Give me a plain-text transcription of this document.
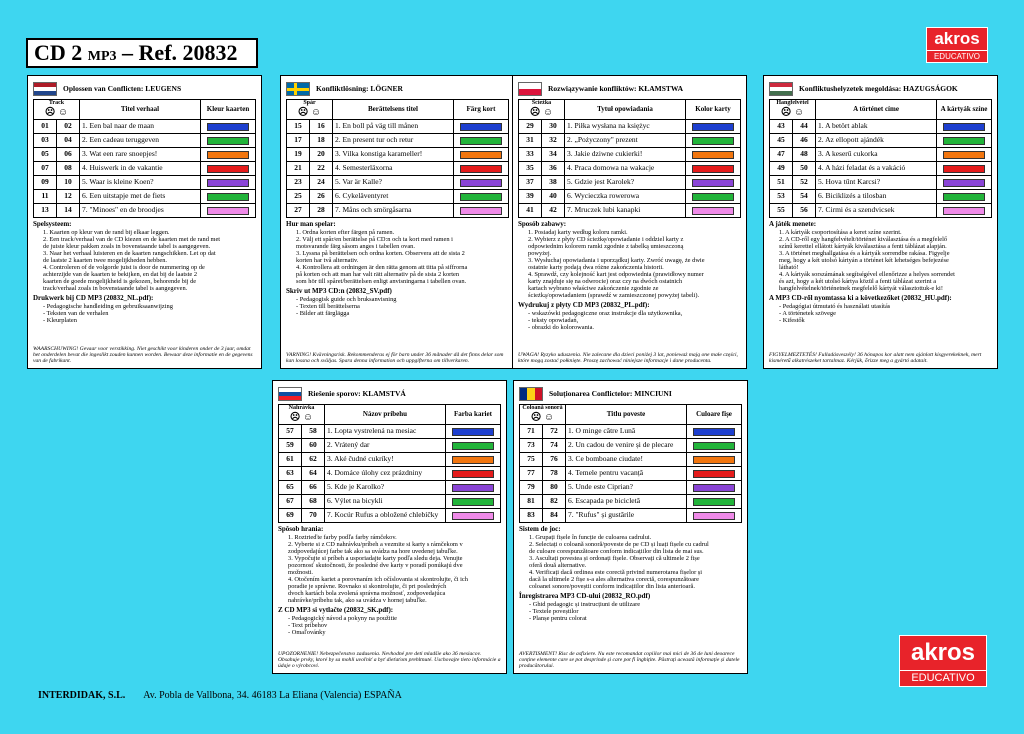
CD 2 MP3 – Ref. 20832
akros
EDUCATIVO
akros
EDUCATIVO
INTERDIDAK, S.L. Av. Pobla de Vallbona, 34. 46183 La Eliana (Valencia) ESPAÑA
Oplossen van Conflicten: LEUGENS
Track
☹ ☺		Titel verhaal	Kleur kaarten
01	02	1. Een bal naar de maan	

03	04	2. Een cadeau teruggeven	

05	06	3. Wat een rare snoepjes!	

07	08	4. Huiswerk in de vakantie	

09	10	5. Waar is kleine Koen?	

11	12	6. Een uitstapje met de fiets	

13	14	7. "Minoes" en de broodjes	
Spelsysteem:
1. Kaarten op kleur van de rand bij elkaar leggen.
2. Een track/verhaal van de CD kiezen en de kaarten met de rand met
de juiste kleur pakken zoals in bovenstaande tabel is aangegeven.
3. Naar het verhaal luisteren en de kaarten rangschikken. Let op dat
de laatste 2 kaarten twee mogelijkheden hebben.
4. Controleren of de volgorde juist is door de nummering op de
achterzijde van de kaarten te bekijken, en dat bij de laatste 2
kaarten de goede mogelijkheid is gekozen, behorende bij de
track/verhaal zoals in bovenstaande tabel is aangegeven.
Drukwerk bij CD MP3 (20832_NL.pdf):
- Pedagogische handleiding en gebruiksaanwijzing
- Teksten van de verhalen
- Kleurplaten
WAARSCHUWING! Gevaar voor verstikking. Niet geschikt voor kinderen onder de 3 jaar, omdat het onderdelen bevat die ingeslikt zouden kunnen worden. Bewaar deze informatie en de gegevens van de fabrikant.
Konfliktlösning: LÖGNER
Spår
☹ ☺		Berättelsens titel	Färg kort
15	16	1. En boll på väg till månen	

17	18	2. En present tur och retur	

19	20	3. Vilka konstiga karameller!	

21	22	4. Semesterläxorna	

23	24	5. Var är Kalle?	

25	26	6. Cykeläventyret	

27	28	7. Måns och smörgåsarna	
Hur man spelar:
1. Ordna korten efter färgen på ramen.
2. Välj ett spår/en berättelse på CD:n och ta kort med ramen i
motsvarande färg såsom anges i tabellen ovan.
3. Lyssna på berättelsen och ordna korten. Observera att de sista 2
korten har två alternativ.
4. Kontrollera att ordningen är den rätta genom att titta på siffrorna
på korten och att man har valt rätt alternativ på de sista 2 korten
som hör till spåret/berättelsen enligt anvisningarna i tabellen ovan.
Skriv ut MP3 CD:n (20832_SV.pdf)
- Pedagogisk guide och bruksanvisning
- Texten till berättelserna
- Bilder att färglägga
VARNING! Kvävningsrisk. Rekommenderas ej för barn under 36 månader då det finns delar som kan lossna och sväljas. Spara denna information och uppgifterna om tillverkaren.
Rozwiązywanie konfliktów: KŁAMSTWA
Ścieżka
☹ ☺		Tytuł opowiadania	Kolor karty
29	30	1. Piłka wysłana na księżyc	

31	32	2. „Pożyczony" prezent	

33	34	3. Jakie dziwne cukierki!	

35	36	4. Praca domowa na wakacje	

37	38	5. Gdzie jest Karolek?	

39	40	6. Wycieczka rowerowa	

41	42	7. Mruczek lubi kanapki	
Sposób zabawy:
1. Posiadaj karty według koloru ramki.
2. Wybierz z płyty CD ścieżkę/opowiadanie i oddziel karty z
odpowiednim kolorem ramki zgodnie z tabelką umieszczoną
powyżej.
3. Wysłuchaj opowiadania i uporządkuj karty. Zwróć uwagę, że dwie
ostatnie karty podają dwa różne zakończenia historii.
4. Sprawdź, czy kolejność kart jest odpowiednia (prawidłowy numer
karty znajduje się na odwrocie) oraz czy na dwóch ostatnich
kartach wybrano właściwe zakończenie zgodnie ze
ścieżką/opowiadaniem (sprawdź w zamieszczonej powyżej tabeli).
Wydrukuj z płyty CD MP3 (20832_PL.pdf):
- wskazówki pedagogiczne oraz instrukcje dla użytkownika,
- teksty opowiadań,
- obrazki do kolorowania.
UWAGA! Ryzyko uduszenia. Nie zalecane dla dzieci poniżej 3 lat, ponieważ mają one małe części, które mogą zostać połknięte. Proszę zachować niniejsze informacje i dane producenta.
Konfliktushelyzetek megoldása: HAZUGSÁGOK
Hangfelvétel
☹ ☺		A történet címe	A kártyák színe
43	44	1. A betört ablak	

45	46	2. Az ellopott ajándék	

47	48	3. A keserű cukorka	

49	50	4. A házi feladat és a vakáció	

51	52	5. Hova tűnt Karcsi?	

53	54	6. Biciklizés a tilosban	

55	56	7. Cirmi és a szendvicsek	
A játék menete:
1. A kártyák csoportosítása a keret színe szerint.
2. A CD-ről egy hangfelvételt/történet kiválasztása és a megfelelő
színű kerettel ellátott kártyák kiválasztása a fenti táblázat alapján.
3. A történet meghallgatása és a kártyák sorrendbe rakása. Figyelje
meg, hogy a két utolsó kártyán a történet két lehetséges befejezése
látható!
4. A kártyák sorszámának segítségével ellenőrizze a helyes sorrendet
és azt, hogy a két utolsó kártya közül a fenti táblázat szerint a
hangfelvételnek/történetnek megfelelő kártyát választottuk-e ki!
A MP3 CD-ről nyomtassa ki a következőket (20832_HU.pdf):
- Pedagógiai útmutató és használati utasítás
- A történetek szövege
- Kifestők
FIGYELMEZTETÉS! Fulladásveszély! 36 hónapos kor alatt nem ajánlott kisgyerekeknek, mert kisméretű alkatrészeket tartalmaz. Kérjük, őrizze meg a gyártó adatait.
Riešenie sporov: KLAMSTVÁ
Nahrávka
☹ ☺		Názov príbehu	Farba kariet
57	58	1. Lopta vystrelená na mesiac	

59	60	2. Vrátený dar	

61	62	3. Aké čudné cukríky!	

63	64	4. Domáce úlohy cez prázdniny	

65	66	5. Kde je Karolko?	

67	68	6. Výlet na bicykli	

69	70	7. Kocúr Rufus a obložené chlebíčky	
Spôsob hrania:
1. Roztrieďte farby podľa farby rámčekov.
2. Vyberte si z CD nahrávku/príbeh a vezmite si karty s rámčekom v
zodpovedajúcej farbe tak ako sa uvádza na hore uvedenej tabuľke.
3. Vypočujte si príbeh a usporiadajte karty podľa sledu deja. Venujte
pozornosť skutočnosti, že posledné dve karty v poradí ponúkajú dve
možnosti.
4. Otočením kariet a porovnaním ich očíslovania si skontrolujte, či ich
poradie je správne. Rovnako si skontrolujte, či pri posledných
dvoch kartách bola zvolená správna možnosť, zodpovedajúca
nahrávke/príbehu tak, ako sa uvádza v hornej tabuľke.
Z CD MP3 si vytlačte (20832_SK.pdf):
- Pedagogický návod a pokyny na použitie
- Text príbehov
- Omaľovánky
UPOZORNENIE! Nebezpečenstvo zadusenia. Nevhodné pre deti mladšie ako 36 mesiacov. Obsahuje prvky, ktoré by sa mohli uvoľniť a byť dieťaťom prehltnuté. Uschovajte tieto informácie a údaje o výrobcovi.
Soluționarea Conflictelor: MINCIUNI
Coloană sonoră
☹ ☺		Titlu poveste	Culoare fișe
71	72	1. O minge către Lună	

73	74	2. Un cadou de venire și de plecare	

75	76	3. Ce bomboane ciudate!	

77	78	4. Temele pentru vacanță	

79	80	5. Unde este Ciprian?	

81	82	6. Escapada pe bicicletă	

83	84	7. "Rufus" și gustările	
Sistem de joc:
1. Grupați fișele în funcție de culoarea cadrului.
2. Selectați o coloană sonoră/poveste de pe CD și luați fișele cu cadrul
de culoare corespunzătoare conform indicațiilor din lista de mai sus.
3. Ascultați povestea și ordonați fișele. Observați că ultimele 2 fișe
oferă două alternative.
4. Verificați dacă ordinea este corectă privind numerotarea fișelor și
dacă la ultimele 2 fișe s-a ales alternativa corectă, corespunzătoare
coloanei sonore/poveștii conform indicațiilor din lista anterioară.
Înregistrarea MP3 CD-ului (20832_RO.pdf)
- Ghid pedagogic și instrucțiuni de utilizare
- Textele poveștilor
- Planșe pentru colorat
AVERTISMENT! Risc de asfixiere. Nu este recomandat copiilor mai mici de 36 de luni deoarece conține elemente care se pot desprinde și care pot fi înghițite. Păstrați această informație și datele producătorului.
